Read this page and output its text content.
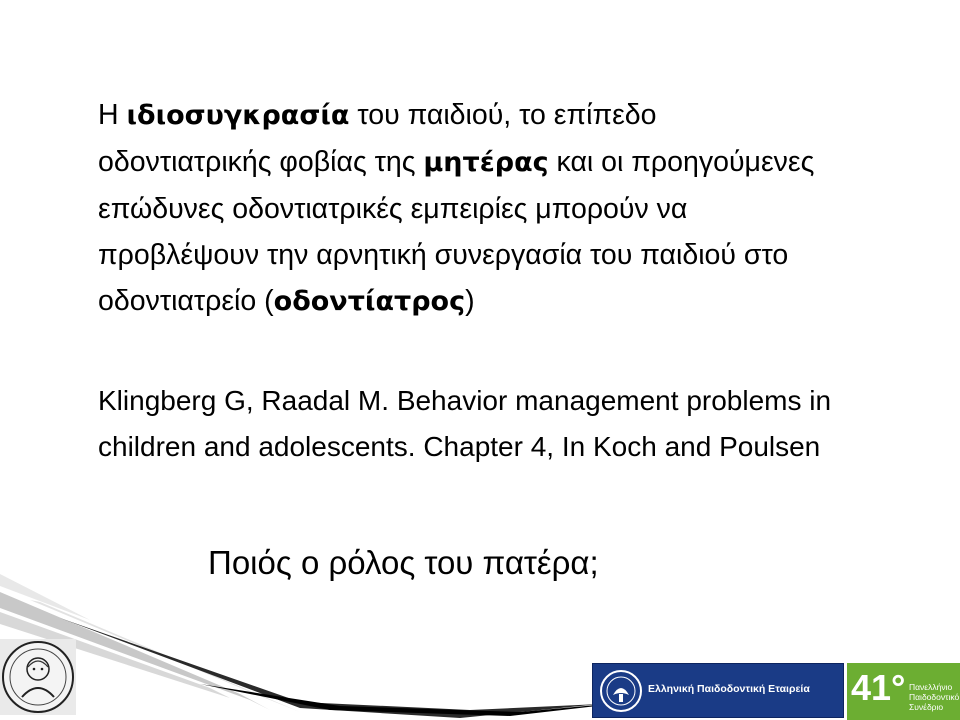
Η ιδιοσυγκρασία του παιδιού, το επίπεδο
οδοντιατρικής φοβίας της μητέρας και οι προηγούμενες
επώδυνες οδοντιατρικές εμπειρίες μπορούν να
προβλέψουν την αρνητική συνεργασία του παιδιού στο
οδοντιατρείο (οδοντίατρος)
Klingberg G, Raadal M. Behavior management problems in
children and adolescents. Chapter 4, In Koch and Poulsen
Ποιός ο ρόλος του πατέρα;
Ελληνική Παιδοδοντική Εταιρεία 41° Πανελλήνιο
Παιδοδοντικό
Συνέδριο
